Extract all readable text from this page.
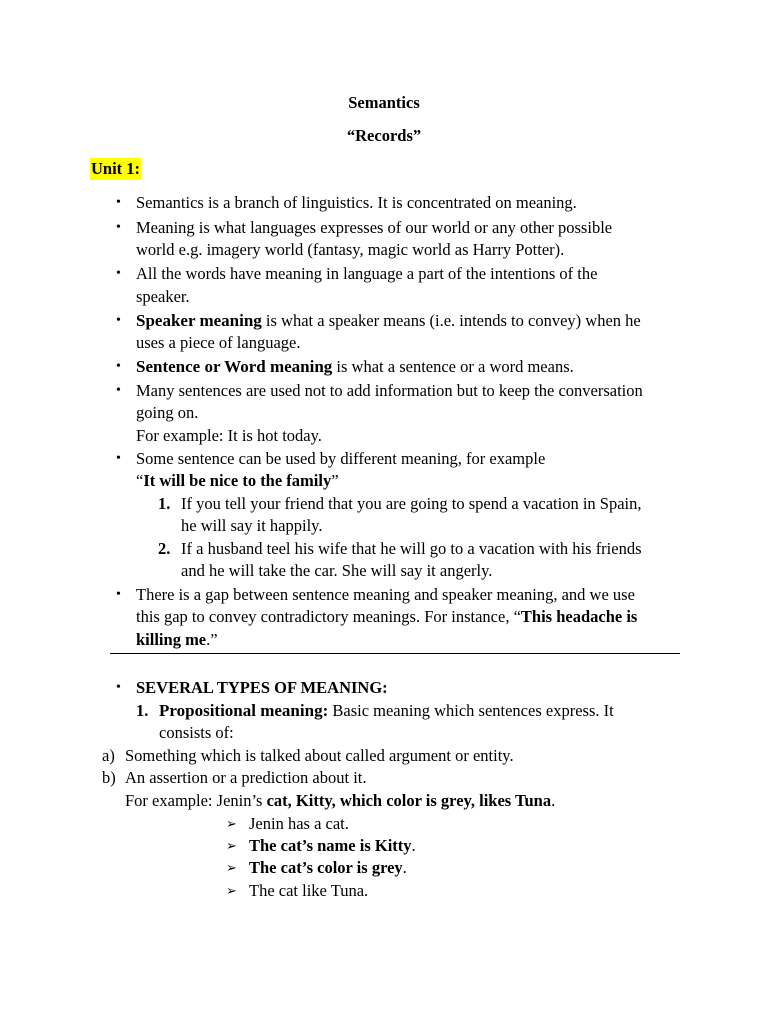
Semantics
“Records”
Unit 1:
• Semantics is a branch of linguistics. It is concentrated on meaning.
• Meaning is what languages expresses of our world or any other possible
world e.g. imagery world (fantasy, magic world as Harry Potter).
• All the words have meaning in language a part of the intentions of the
speaker.
• Speaker meaning is what a speaker means (i.e. intends to convey) when he
uses a piece of language.
• Sentence or Word meaning is what a sentence or a word means.
• Many sentences are used not to add information but to keep the conversation
going on.
For example: It is hot today.
• Some sentence can be used by different meaning, for example
“It will be nice to the family”
1. If you tell your friend that you are going to spend a vacation in Spain,
he will say it happily.
2. If a husband teel his wife that he will go to a vacation with his friends
and he will take the car. She will say it angerly.
• There is a gap between sentence meaning and speaker meaning, and we use
this gap to convey contradictory meanings. For instance, “This headache is
killing me.”
• SEVERAL TYPES OF MEANING:
1. Propositional meaning: Basic meaning which sentences express. It
consists of:
a) Something which is talked about called argument or entity.
b) An assertion or a prediction about it.
For example: Jenin’s cat, Kitty, which color is grey, likes Tuna.
➢ Jenin has a cat.
➢ The cat’s name is Kitty.
➢ The cat’s color is grey.
➢ The cat like Tuna.
